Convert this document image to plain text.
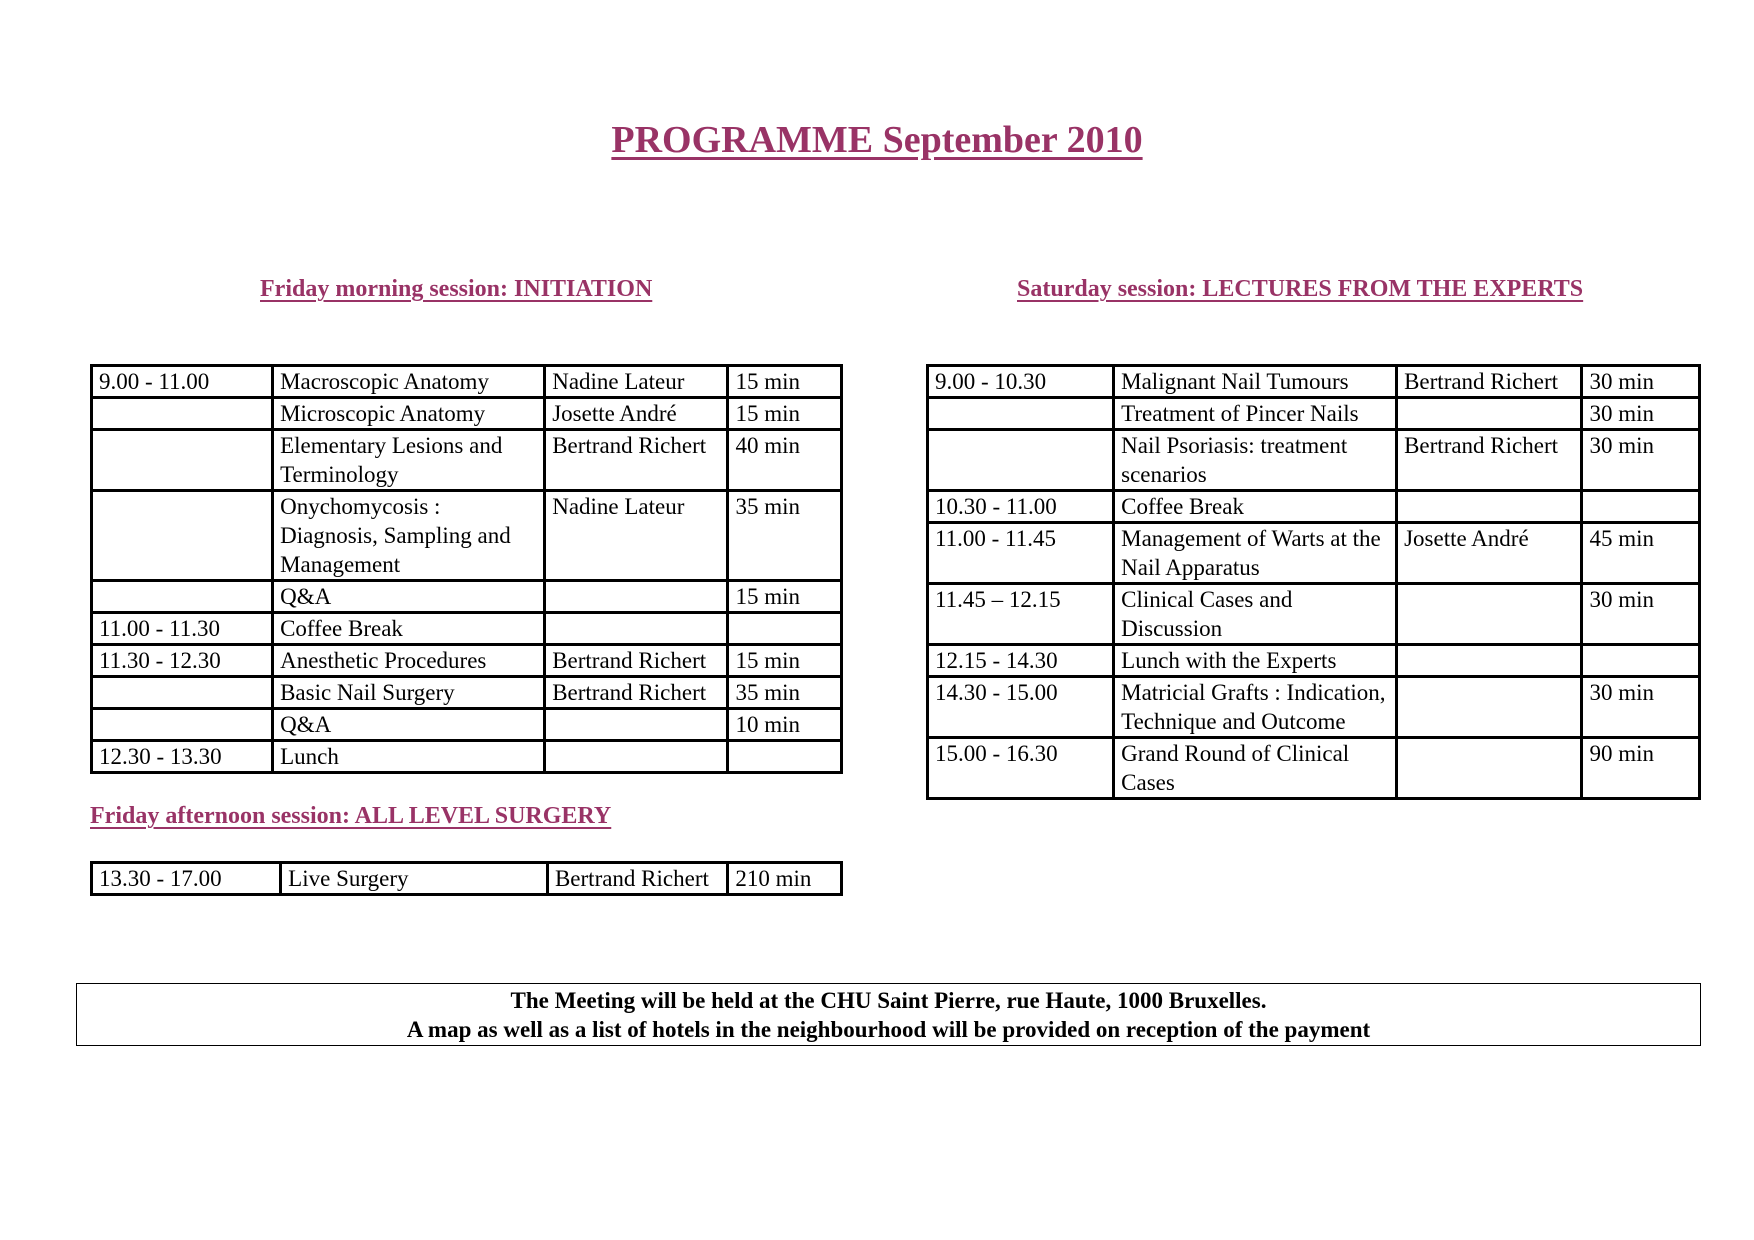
PROGRAMME September 2010
Friday morning session: INITIATION	Saturday session: LECTURES FROM THE EXPERTS
9.00 - 11.00	Macroscopic Anatomy	Nadine Lateur	15 min
	Microscopic Anatomy	Josette André	15 min
	Elementary Lesions and Terminology	Bertrand Richert	40 min
	Onychomycosis : Diagnosis, Sampling and Management	Nadine Lateur	35 min
	Q&A		15 min
11.00 - 11.30	Coffee Break		
11.30 - 12.30	Anesthetic Procedures	Bertrand Richert	15 min
	Basic Nail Surgery	Bertrand Richert	35 min
	Q&A		10 min
12.30 - 13.30	Lunch		
Friday afternoon session: ALL LEVEL SURGERY
13.30 - 17.00	Live Surgery	Bertrand Richert	210 min
9.00 - 10.30	Malignant Nail Tumours	Bertrand Richert	30 min
	Treatment of Pincer Nails		30 min
	Nail Psoriasis: treatment scenarios	Bertrand Richert	30 min
10.30 - 11.00	Coffee Break		
11.00 - 11.45	Management of Warts at the Nail Apparatus	Josette André	45 min
11.45 – 12.15	Clinical Cases and Discussion		30 min
12.15 - 14.30	Lunch with the Experts		
14.30 - 15.00	Matricial Grafts : Indication, Technique and Outcome		30 min
15.00 - 16.30	Grand Round of Clinical Cases		90 min
The Meeting will be held at the CHU Saint Pierre, rue Haute, 1000 Bruxelles.
A map as well as a list of hotels in the neighbourhood will be provided on reception of the payment
